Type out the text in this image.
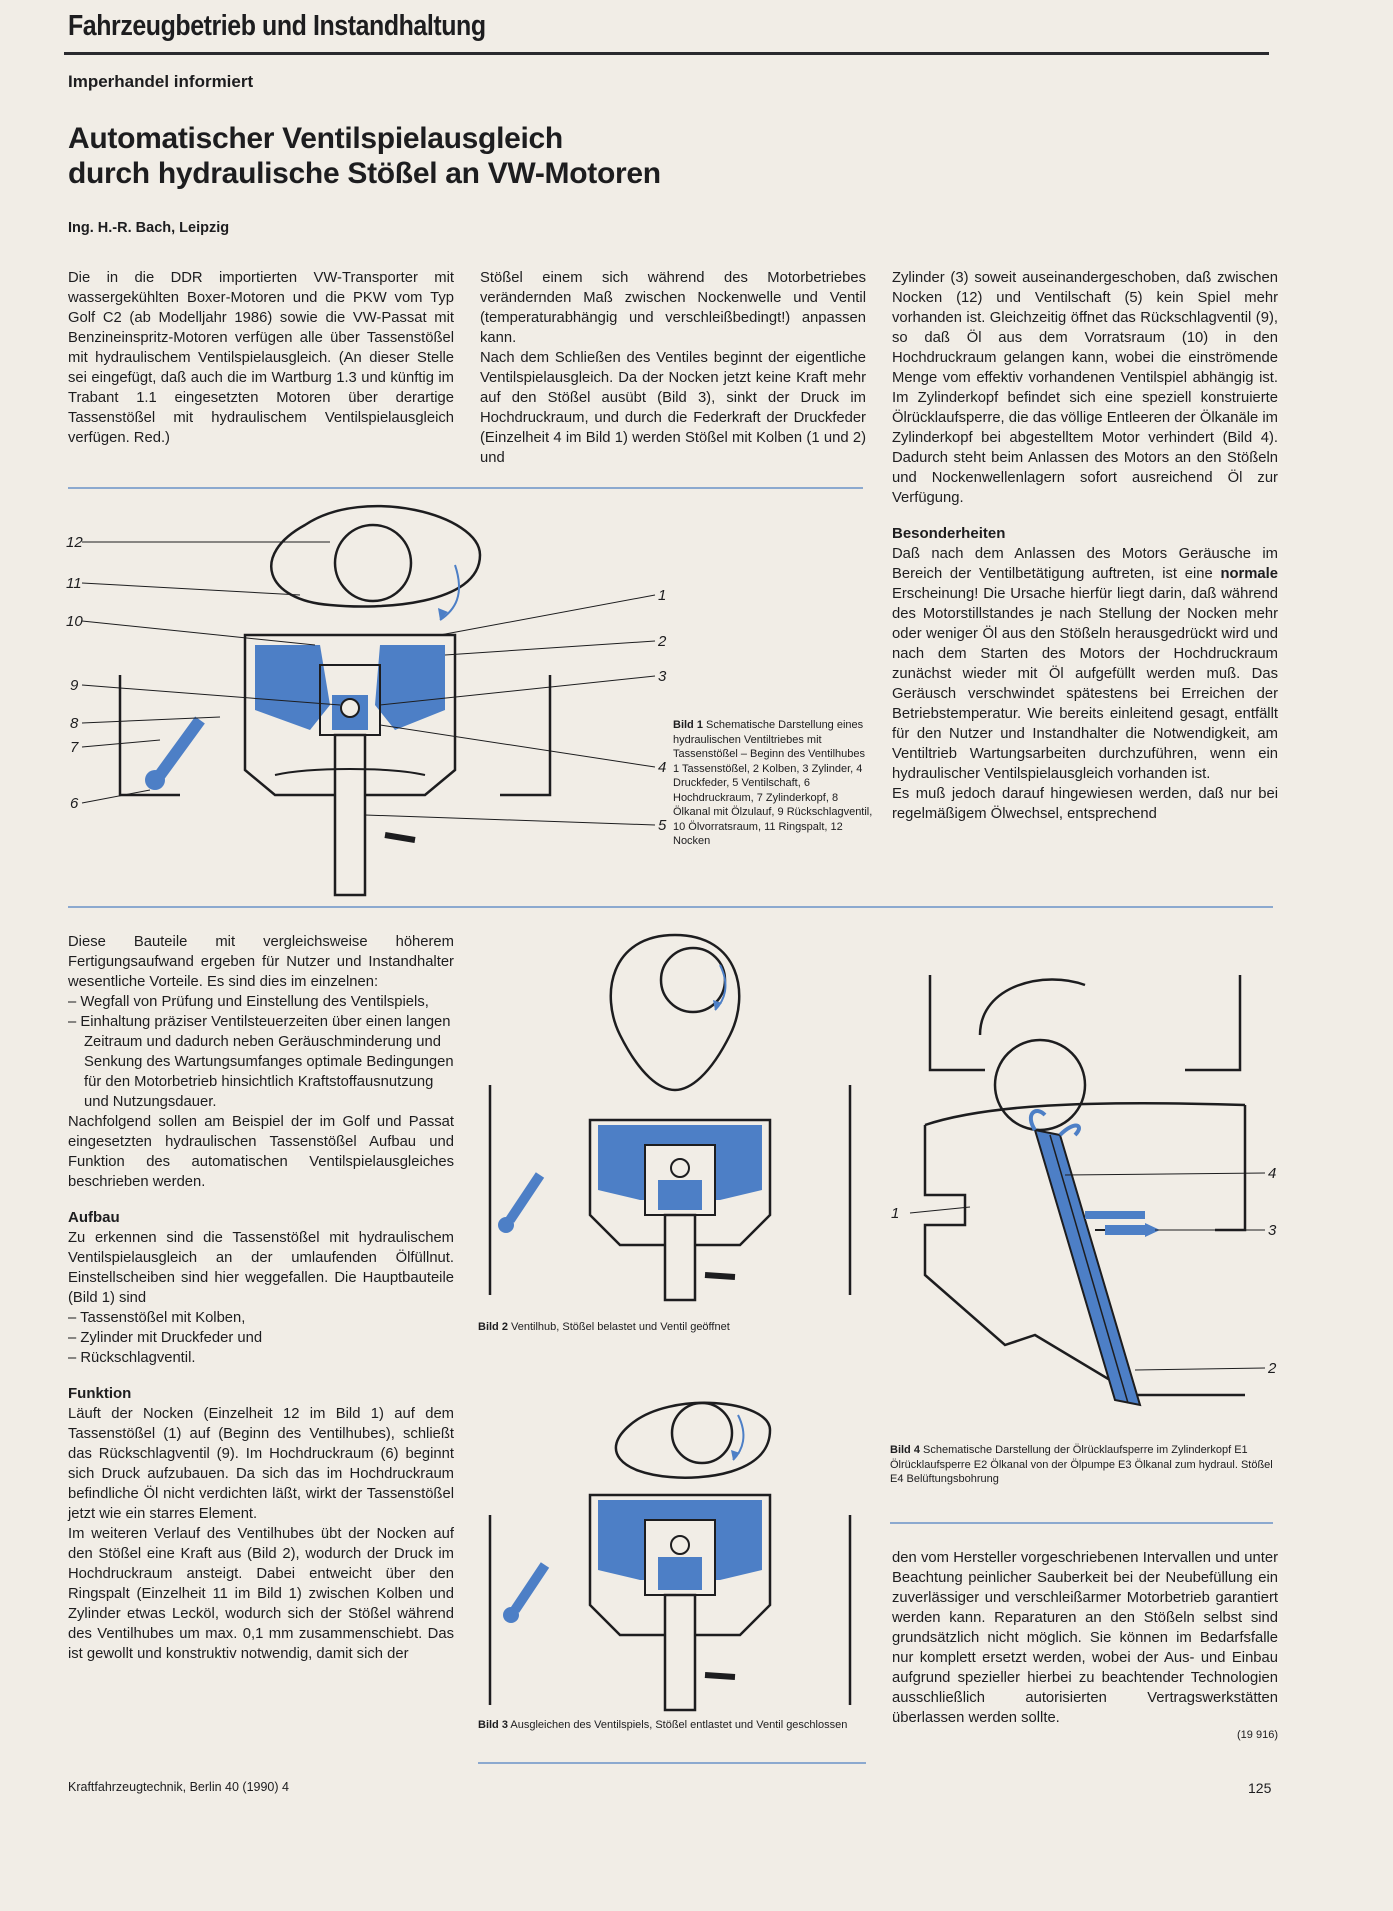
Fahrzeugbetrieb und Instandhaltung
Imperhandel informiert
Automatischer Ventilspielausgleich
durch hydraulische Stößel an VW-Motoren
Ing. H.-R. Bach, Leipzig

Die in die DDR importierten VW-Transporter mit wassergekühlten Boxer-Motoren und die PKW vom Typ Golf C2 (ab Modelljahr 1986) sowie die VW-Passat mit Benzineinspritz-Motoren verfügen alle über Tassenstößel mit hydraulischem Ventilspielausgleich. (An dieser Stelle sei eingefügt, daß auch die im Wartburg 1.3 und künftig im Trabant 1.1 eingesetzten Motoren über derartige Tassenstößel mit hydraulischem Ventilspielausgleich verfügen. Red.)

Stößel einem sich während des Motorbetriebes verändernden Maß zwischen Nockenwelle und Ventil (temperaturabhängig und verschleißbedingt!) anpassen kann.

Nach dem Schließen des Ventiles beginnt der eigentliche Ventilspielausgleich. Da der Nocken jetzt keine Kraft mehr auf den Stößel ausübt (Bild 3), sinkt der Druck im Hochdruckraum, und durch die Federkraft der Druckfeder (Einzelheit 4 im Bild 1) werden Stößel mit Kolben (1 und 2) und

Zylinder (3) soweit auseinandergeschoben, daß zwischen Nocken (12) und Ventilschaft (5) kein Spiel mehr vorhanden ist. Gleichzeitig öffnet das Rückschlagventil (9), so daß Öl aus dem Vorratsraum (10) in den Hochdruckraum gelangen kann, wobei die einströmende Menge vom effektiv vorhandenen Ventilspiel abhängig ist. Im Zylinderkopf befindet sich eine speziell konstruierte Ölrücklaufsperre, die das völlige Entleeren der Ölkanäle im Zylinderkopf bei abgestelltem Motor verhindert (Bild 4). Dadurch steht beim Anlassen des Motors an den Stößeln und Nockenwellenlagern sofort ausreichend Öl zur Verfügung.

Besonderheiten

Daß nach dem Anlassen des Motors Geräusche im Bereich der Ventilbetätigung auftreten, ist eine normale Erscheinung! Die Ursache hierfür liegt darin, daß während des Motorstillstandes je nach Stellung der Nocken mehr oder weniger Öl aus den Stößeln herausgedrückt wird und nach dem Starten des Motors der Hochdruckraum zunächst wieder mit Öl aufgefüllt werden muß. Das Geräusch verschwindet spätestens bei Erreichen der Betriebstemperatur. Wie bereits einleitend gesagt, entfällt für den Nutzer und Instandhalter die Notwendigkeit, am Ventiltrieb Wartungsarbeiten durchzuführen, wenn ein hydraulischer Ventilspielausgleich vorhanden ist.

Es muß jedoch darauf hingewiesen werden, daß nur bei regelmäßigem Ölwechsel, entsprechend

12
11
10
9
8
7
6
1
2
3
4
5
Bild 1 Schematische Darstellung eines hydraulischen Ventiltriebes mit Tassenstößel – Beginn des Ventilhubes 1 Tassenstößel, 2 Kolben, 3 Zylinder, 4 Druckfeder, 5 Ventilschaft, 6 Hochdruckraum, 7 Zylinderkopf, 8 Ölkanal mit Ölzulauf, 9 Rückschlagventil, 10 Ölvorratsraum, 11 Ringspalt, 12 Nocken

Diese Bauteile mit vergleichsweise höherem Fertigungsaufwand ergeben für Nutzer und Instandhalter wesentliche Vorteile. Es sind dies im einzelnen:

– Wegfall von Prüfung und Einstellung des Ventilspiels,

– Einhaltung präziser Ventilsteuerzeiten über einen langen Zeitraum und dadurch neben Geräuschminderung und Senkung des Wartungsumfanges optimale Bedingungen für den Motorbetrieb hinsichtlich Kraftstoffausnutzung und Nutzungsdauer.

Nachfolgend sollen am Beispiel der im Golf und Passat eingesetzten hydraulischen Tassenstößel Aufbau und Funktion des automatischen Ventilspielausgleiches beschrieben werden.

Aufbau

Zu erkennen sind die Tassenstößel mit hydraulischem Ventilspielausgleich an der umlaufenden Ölfüllnut. Einstellscheiben sind hier weggefallen. Die Hauptbauteile (Bild 1) sind

– Tassenstößel mit Kolben,

– Zylinder mit Druckfeder und

– Rückschlagventil.

Funktion

Läuft der Nocken (Einzelheit 12 im Bild 1) auf dem Tassenstößel (1) auf (Beginn des Ventilhubes), schließt das Rückschlagventil (9). Im Hochdruckraum (6) beginnt sich Druck aufzubauen. Da sich das im Hochdruckraum befindliche Öl nicht verdichten läßt, wirkt der Tassenstößel jetzt wie ein starres Element.

Im weiteren Verlauf des Ventilhubes übt der Nocken auf den Stößel eine Kraft aus (Bild 2), wodurch der Druck im Hochdruckraum ansteigt. Dabei entweicht über den Ringspalt (Einzelheit 11 im Bild 1) zwischen Kolben und Zylinder etwas Lecköl, wodurch sich der Stößel während des Ventilhubes um max. 0,1 mm zusammenschiebt. Das ist gewollt und konstruktiv notwendig, damit sich der

Bild 2 Ventilhub, Stößel belastet und Ventil geöffnet
Bild 3 Ausgleichen des Ventilspiels, Stößel entlastet und Ventil geschlossen
4
1
3
2
Bild 4 Schematische Darstellung der Ölrücklaufsperre im Zylinderkopf E1 Ölrücklaufsperre E2 Ölkanal von der Ölpumpe E3 Ölkanal zum hydraul. Stößel E4 Belüftungsbohrung

den vom Hersteller vorgeschriebenen Intervallen und unter Beachtung peinlicher Sauberkeit bei der Neubefüllung ein zuverlässiger und verschleißarmer Motorbetrieb garantiert werden kann. Reparaturen an den Stößeln selbst sind grundsätzlich nicht möglich. Sie können im Bedarfsfalle nur komplett ersetzt werden, wobei der Aus- und Einbau aufgrund spezieller hierbei zu beachtender Technologien ausschließlich autorisierten Vertragswerkstätten überlassen werden sollte.

(19 916)

Kraftfahrzeugtechnik, Berlin 40 (1990) 4	125
